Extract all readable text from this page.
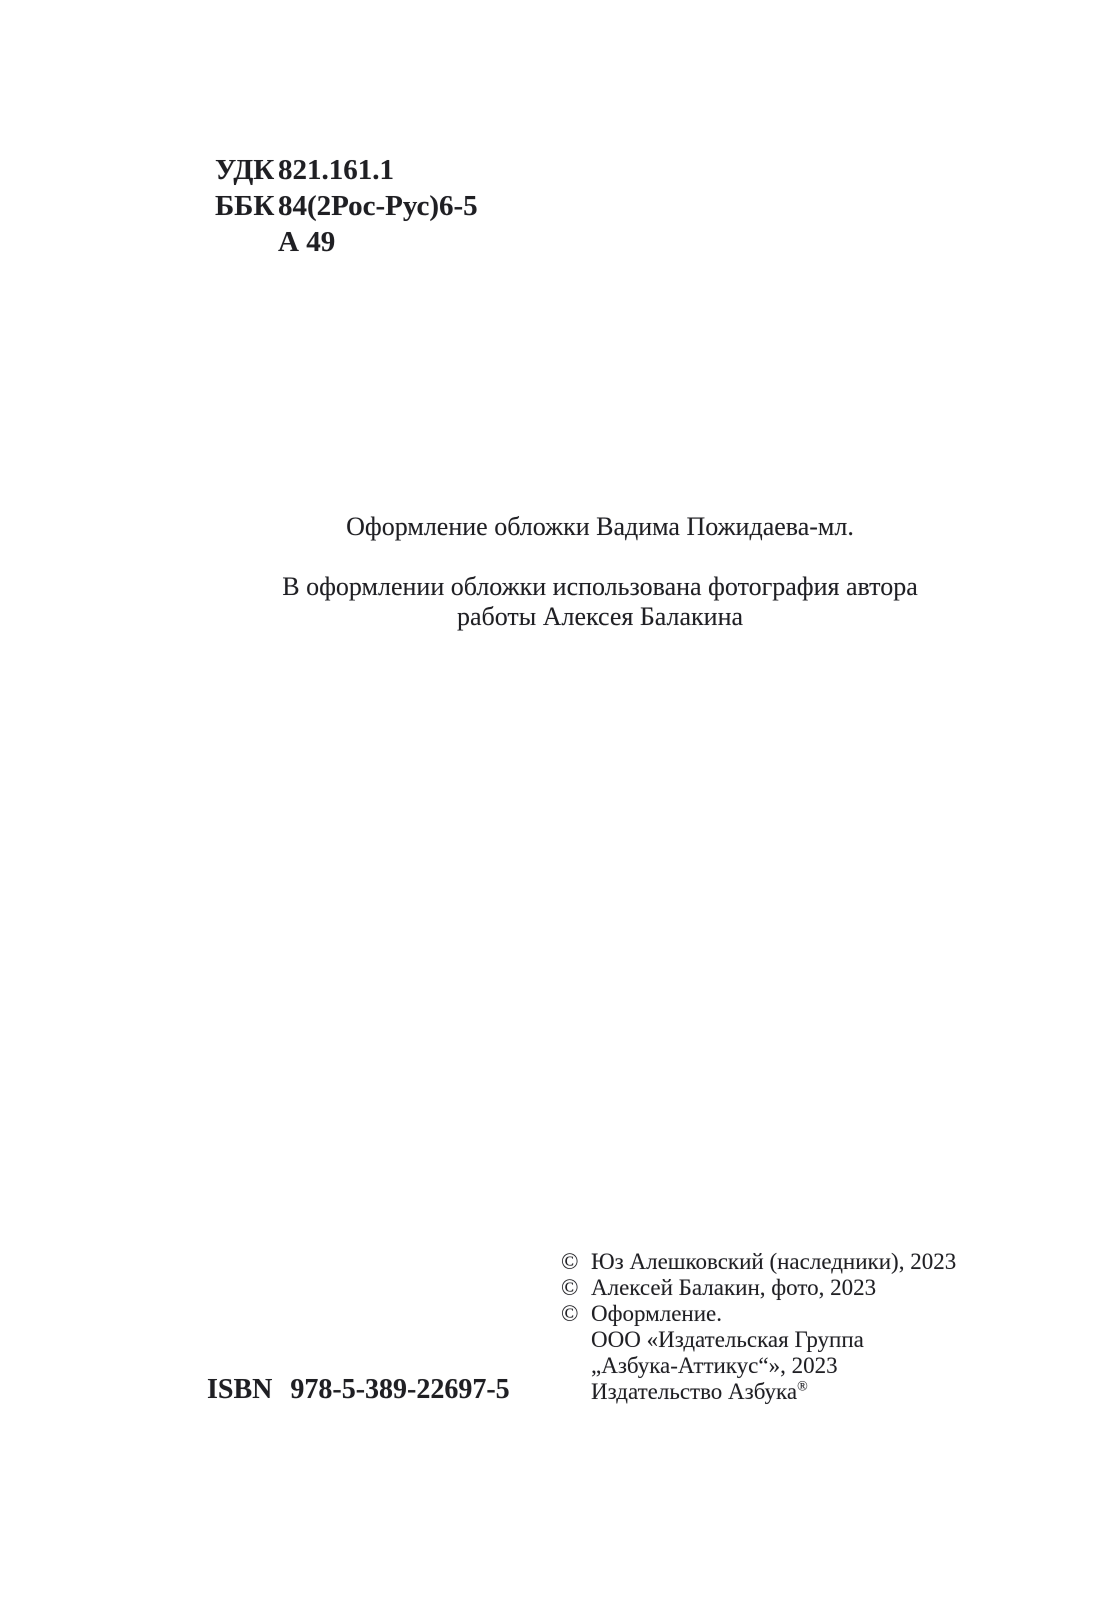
УДК 821.161.1
ББК 84(2Рос-Рус)6-5
А 49

Оформление обложки Вадима Пожидаева-мл.

В оформлении обложки использована фотография автора
работы Алексея Балакина

© Юз Алешковский (наследники), 2023
© Алексей Балакин, фото, 2023
© Оформление.
ООО «Издательская Группа
„Азбука-Аттикус“», 2023
Издательство Азбука®
ISBN 978-5-389-22697-5
